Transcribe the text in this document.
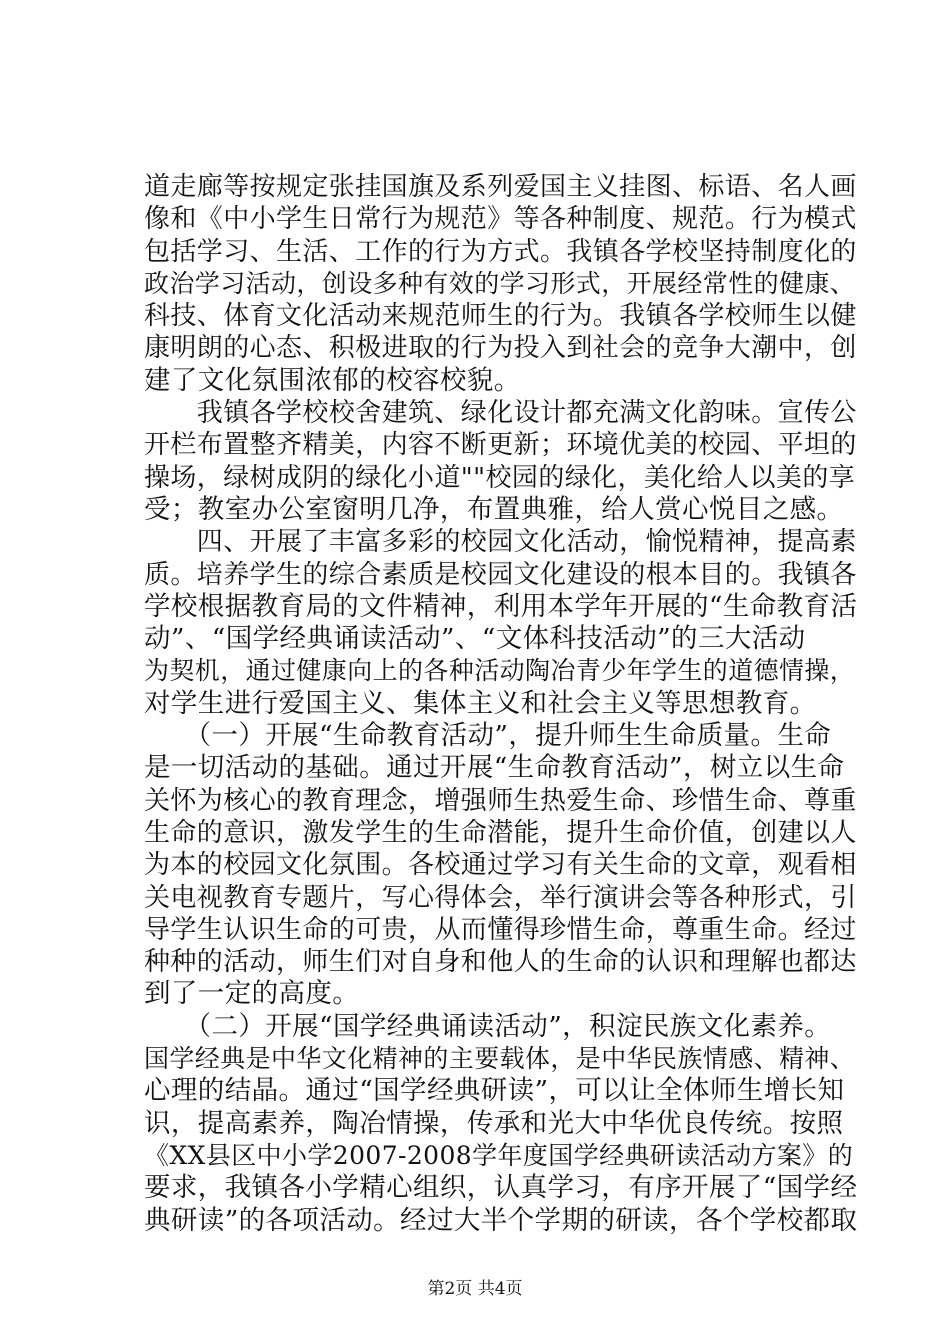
道走廊等按规定张挂国旗及系列爱国主义挂图、标语、名人画
像和《中小学生日常行为规范》等各种制度、规范。行为模式
包括学习、生活、工作的行为方式。我镇各学校坚持制度化的
政治学习活动，创设多种有效的学习形式，开展经常性的健康、
科技、体育文化活动来规范师生的行为。我镇各学校师生以健
康明朗的心态、积极进取的行为投入到社会的竞争大潮中，创
建了文化氛围浓郁的校容校貌。
　　我镇各学校校舍建筑、绿化设计都充满文化韵味。宣传公
开栏布置整齐精美，内容不断更新；环境优美的校园、平坦的
操场，绿树成阴的绿化小道""校园的绿化，美化给人以美的享
受；教室办公室窗明几净，布置典雅，给人赏心悦目之感。
　　四、开展了丰富多彩的校园文化活动，愉悦精神，提高素
质。培养学生的综合素质是校园文化建设的根本目的。我镇各
学校根据教育局的文件精神，利用本学年开展的“生命教育活
动”、“国学经典诵读活动”、“文体科技活动”的三大活动
为契机，通过健康向上的各种活动陶冶青少年学生的道德情操，
对学生进行爱国主义、集体主义和社会主义等思想教育。
　　（一）开展“生命教育活动”，提升师生生命质量。生命
是一切活动的基础。通过开展“生命教育活动”，树立以生命
关怀为核心的教育理念，增强师生热爱生命、珍惜生命、尊重
生命的意识，激发学生的生命潜能，提升生命价值，创建以人
为本的校园文化氛围。各校通过学习有关生命的文章，观看相
关电视教育专题片，写心得体会，举行演讲会等各种形式，引
导学生认识生命的可贵，从而懂得珍惜生命，尊重生命。经过
种种的活动，师生们对自身和他人的生命的认识和理解也都达
到了一定的高度。
　　（二）开展“国学经典诵读活动”，积淀民族文化素养。
国学经典是中华文化精神的主要载体，是中华民族情感、精神、
心理的结晶。通过“国学经典研读”，可以让全体师生增长知
识，提高素养，陶冶情操，传承和光大中华优良传统。按照
《XX县区中小学2007-2008学年度国学经典研读活动方案》的
要求，我镇各小学精心组织，认真学习，有序开展了“国学经
典研读”的各项活动。经过大半个学期的研读，各个学校都取
第2页 共4页
